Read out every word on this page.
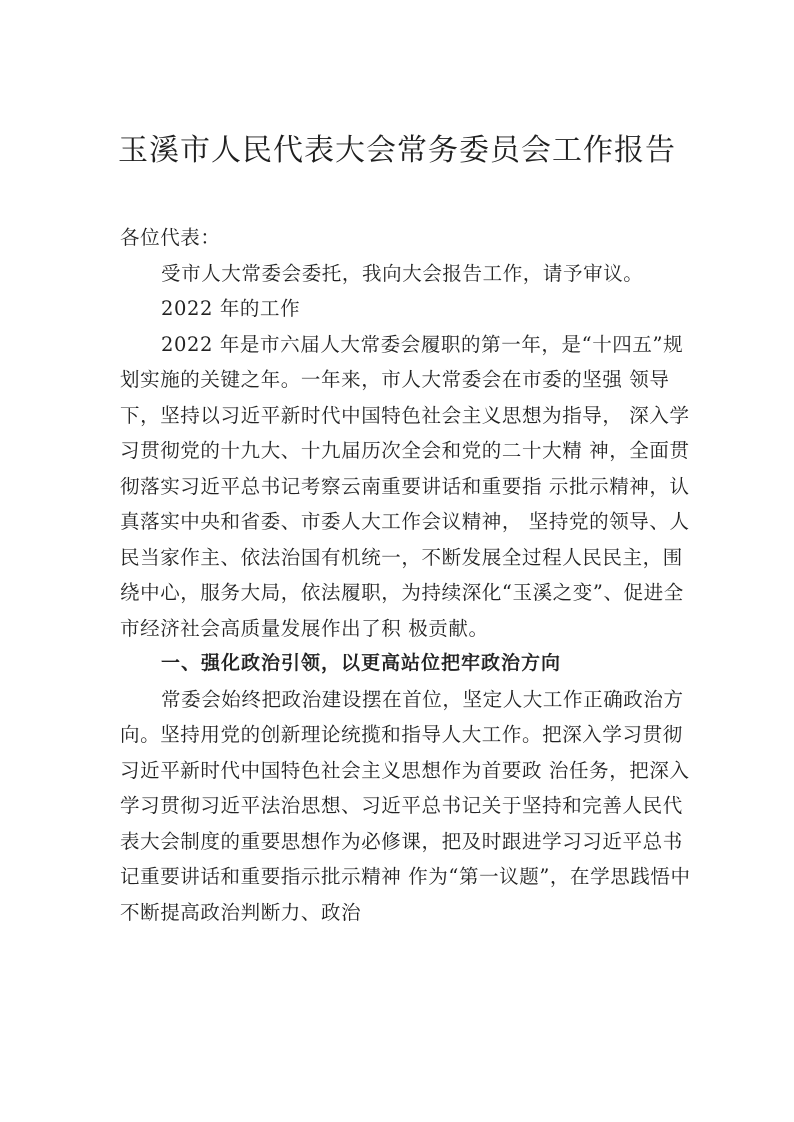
玉溪市人民代表大会常务委员会工作报告

各位代表：

受市人大常委会委托，我向大会报告工作，请予审议。

2022 年的工作

2022 年是市六届人大常委会履职的第一年，是“十四五”规划实施的关键之年。一年来，市人大常委会在市委的坚强 领导下，坚持以习近平新时代中国特色社会主义思想为指导， 深入学习贯彻党的十九大、十九届历次全会和党的二十大精 神，全面贯彻落实习近平总书记考察云南重要讲话和重要指 示批示精神，认真落实中央和省委、市委人大工作会议精神， 坚持党的领导、人民当家作主、依法治国有机统一，不断发展全过程人民民主，围绕中心，服务大局，依法履职，为持续深化“玉溪之变”、促进全市经济社会高质量发展作出了积 极贡献。

一、强化政治引领，以更高站位把牢政治方向

常委会始终把政治建设摆在首位，坚定人大工作正确政治方向。坚持用党的创新理论统揽和指导人大工作。把深入学习贯彻习近平新时代中国特色社会主义思想作为首要政 治任务，把深入学习贯彻习近平法治思想、习近平总书记关于坚持和完善人民代表大会制度的重要思想作为必修课，把及时跟进学习习近平总书记重要讲话和重要指示批示精神 作为“第一议题”，在学思践悟中不断提高政治判断力、政治
